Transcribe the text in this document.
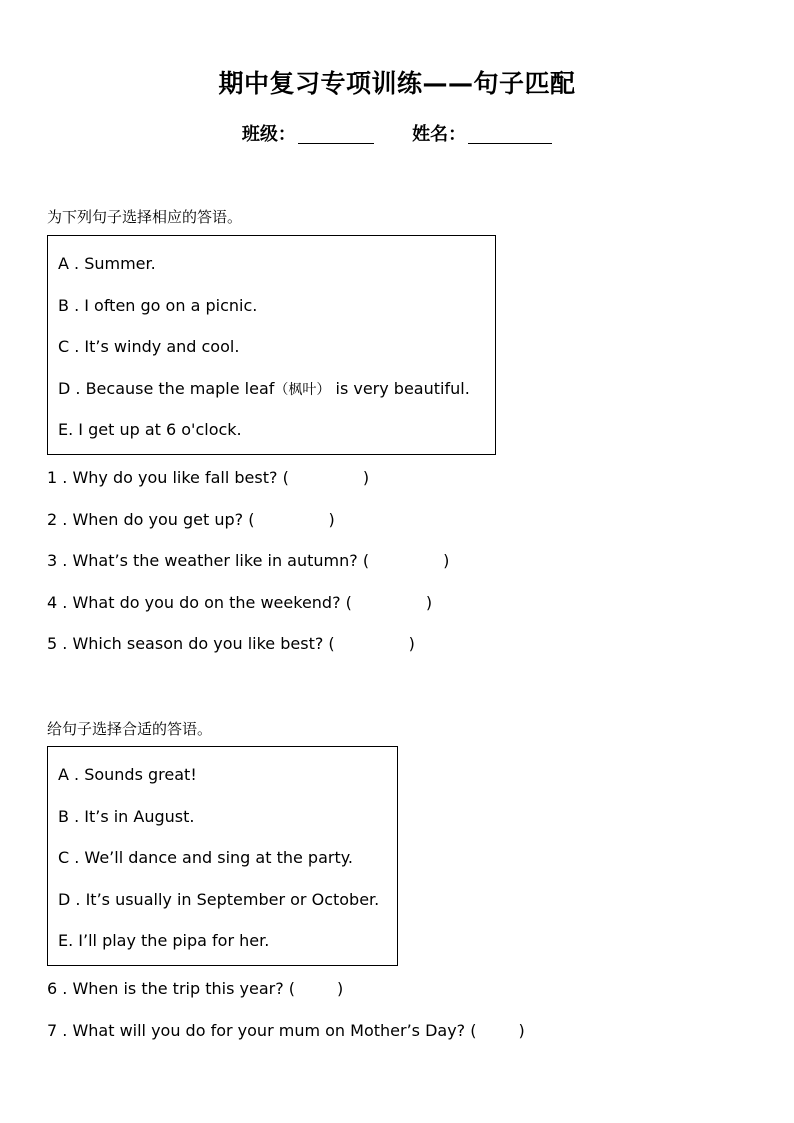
期中复习专项训练——句子匹配
班级：	姓名：
为下列句子选择相应的答语。
A . Summer.
B . I often go on a picnic.
C . It’s windy and cool.
D . Because the maple leaf（枫叶） is very beautiful.
E. I get up at 6 o'clock.
1 . Why do you like fall best? (	)
2 . When do you get up? (	)
3 . What’s the weather like in autumn? (	)
4 . What do you do on the weekend? (	)
5 . Which season do you like best? (	)
给句子选择合适的答语。
A . Sounds great!
B . It’s in August.
C . We’ll dance and sing at the party.
D . It’s usually in September or October.
E. I’ll play the pipa for her.
6 . When is the trip this year? (	)
7 . What will you do for your mum on Mother’s Day? (	)
